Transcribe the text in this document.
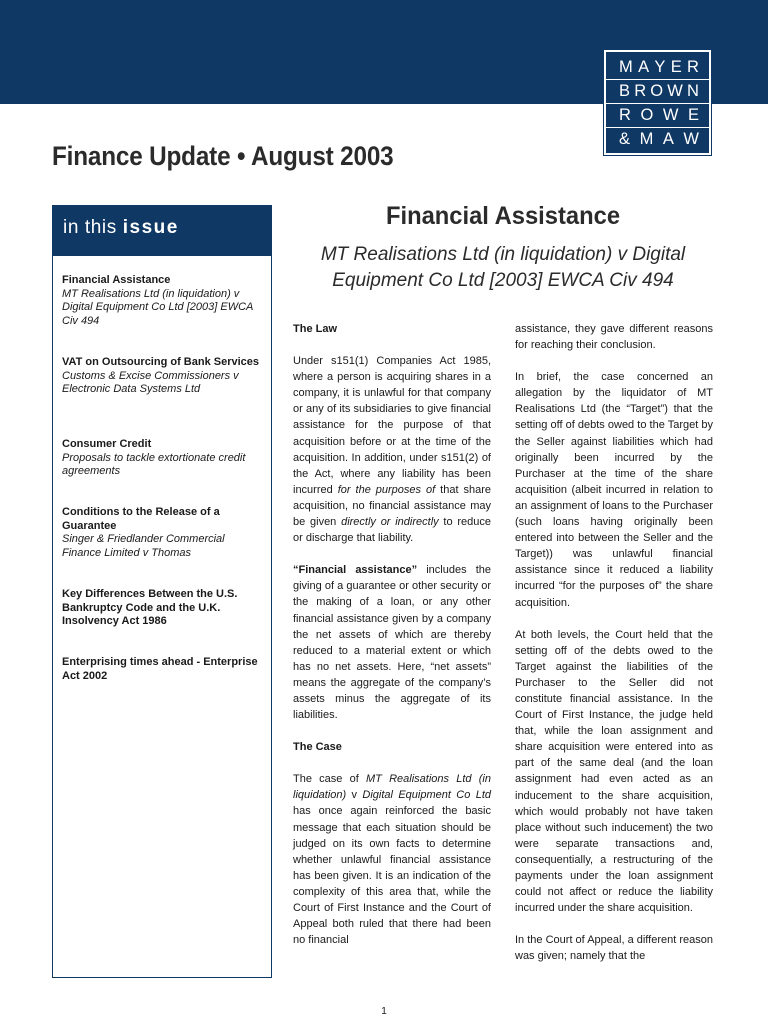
M A Y E R
B R O W N
R O W E
& M A W
Finance Update • August 2003
in this issue
Financial Assistance
MT Realisations Ltd (in liquidation) v Digital Equipment Co Ltd [2003] EWCA Civ 494
VAT on Outsourcing of Bank Services
Customs & Excise Commissioners v Electronic Data Systems Ltd
Consumer Credit
Proposals to tackle extortionate credit agreements
Conditions to the Release of a Guarantee
Singer & Friedlander Commercial Finance Limited v Thomas
Key Differences Between the U.S. Bankruptcy Code and the U.K. Insolvency Act 1986
Enterprising times ahead - Enterprise Act 2002
Financial Assistance
MT Realisations Ltd (in liquidation) v Digital Equipment Co Ltd [2003] EWCA Civ 494
The Law

Under s151(1) Companies Act 1985, where a person is acquiring shares in a company, it is unlawful for that company or any of its subsidiaries to give financial assistance for the purpose of that acquisition before or at the time of the acquisition. In addition, under s151(2) of the Act, where any liability has been incurred for the purposes of that share acquisition, no financial assistance may be given directly or indirectly to reduce or discharge that liability.

“Financial assistance” includes the giving of a guarantee or other security or the making of a loan, or any other financial assistance given by a company the net assets of which are thereby reduced to a material extent or which has no net assets. Here, “net assets” means the aggregate of the company’s assets minus the aggregate of its liabilities.

The Case

The case of MT Realisations Ltd (in liquidation) v Digital Equipment Co Ltd has once again reinforced the basic message that each situation should be judged on its own facts to determine whether unlawful financial assistance has been given. It is an indication of the complexity of this area that, while the Court of First Instance and the Court of Appeal both ruled that there had been no financial

assistance, they gave different reasons for reaching their conclusion.

In brief, the case concerned an allegation by the liquidator of MT Realisations Ltd (the “Target”) that the setting off of debts owed to the Target by the Seller against liabilities which had originally been incurred by the Purchaser at the time of the share acquisition (albeit incurred in relation to an assignment of loans to the Purchaser (such loans having originally been entered into between the Seller and the Target)) was unlawful financial assistance since it reduced a liability incurred “for the purposes of” the share acquisition.

At both levels, the Court held that the setting off of the debts owed to the Target against the liabilities of the Purchaser to the Seller did not constitute financial assistance. In the Court of First Instance, the judge held that, while the loan assignment and share acquisition were entered into as part of the same deal (and the loan assignment had even acted as an inducement to the share acquisition, which would probably not have taken place without such inducement) the two were separate transactions and, consequentially, a restructuring of the payments under the loan assignment could not affect or reduce the liability incurred under the share acquisition.

In the Court of Appeal, a different reason was given; namely that the

1
